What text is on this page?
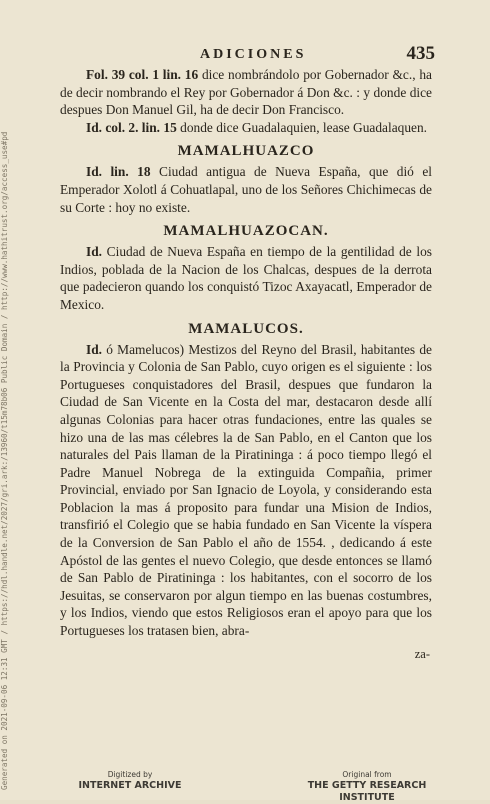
ADICIONES	435

Fol. 39 col. 1 lin. 16 dice nombrándolo por Gobernador &c., ha de decir nombrando el Rey por Gobernador á Don &c. : y donde dice despues Don Manuel Gil, ha de decir Don Francisco.

Id. col. 2. lin. 15 donde dice Guadalaquien, lease Guadalaquen.

MAMALHUAZCO

Id. lin. 18 Ciudad antigua de Nueva España, que dió el Emperador Xolotl á Cohuatlapal, uno de los Señores Chichimecas de su Corte : hoy no existe.

MAMALHUAZOCAN.

Id. Ciudad de Nueva España en tiempo de la gentilidad de los Indios, poblada de la Nacion de los Chalcas, despues de la derrota que padecieron quando los conquistó Tizoc Axayacatl, Emperador de Mexico.

MAMALUCOS.

Id. ó Mamelucos) Mestizos del Reyno del Brasil, habitantes de la Provincia y Colonia de San Pablo, cuyo origen es el siguiente : los Portugueses conquistadores del Brasil, despues que fundaron la Ciudad de San Vicente en la Costa del mar, destacaron desde allí algunas Colonias para hacer otras fundaciones, entre las quales se hizo una de las mas célebres la de San Pablo, en el Canton que los naturales del Pais llaman de la Piratininga : á poco tiempo llegó el Padre Manuel Nobrega de la extinguida Compañia, primer Provincial, enviado por San Ignacio de Loyola, y considerando esta Poblacion la mas á proposito para fundar una Mision de Indios, transfirió el Colegio que se habia fundado en San Vicente la víspera de la Conversion de San Pablo el año de 1554. , dedicando á este Apóstol de las gentes el nuevo Colegio, que desde entonces se llamó de San Pablo de Piratininga : los habitantes, con el socorro de los Jesuitas, se conservaron por algun tiempo en las buenas costumbres, y los Indios, viendo que estos Religiosos eran el apoyo para que los Portugueses los tratasen bien, abra-

za-
Generated on 2021-09-06 12:31 GMT / https://hdl.handle.net/2027/gri.ark:/13960/t15m78b06 Public Domain / http://www.hathitrust.org/access_use#pd	Digitized by
INTERNET ARCHIVE
Original from
THE GETTY RESEARCH INSTITUTE
